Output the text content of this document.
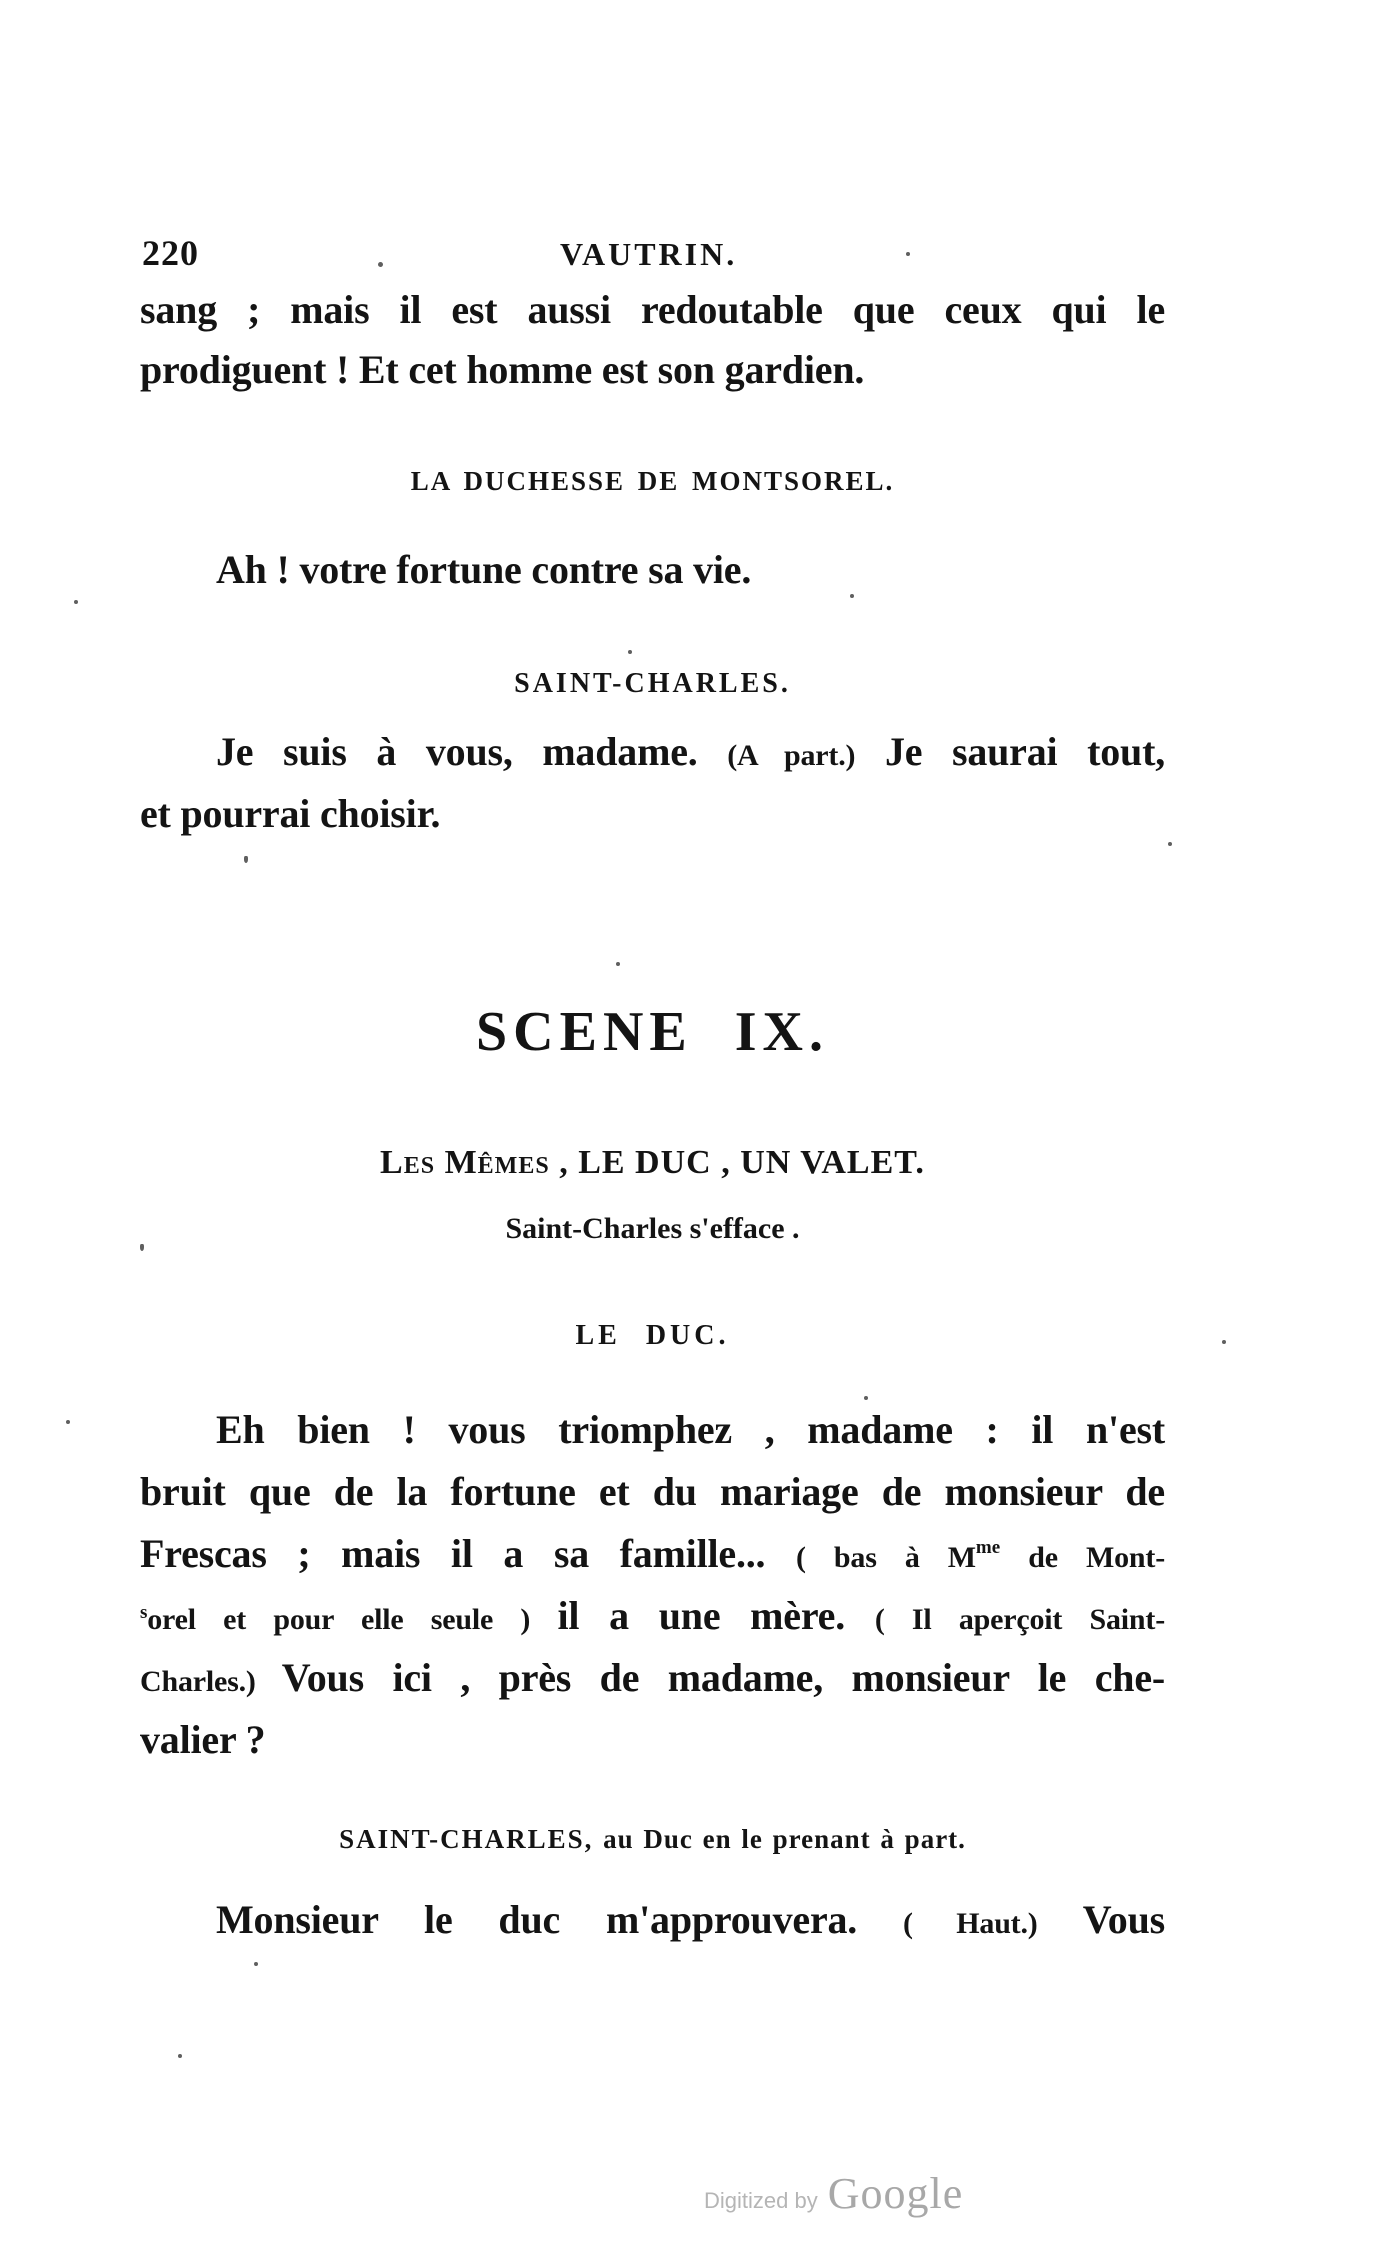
220	VAUTRIN.
sang ; mais il est aussi redoutable que ceux qui le
prodiguent ! Et cet homme est son gardien.
LA DUCHESSE DE MONTSOREL.
Ah ! votre fortune contre sa vie.
SAINT-CHARLES.
Je suis à vous, madame. (A part.) Je saurai tout,
et pourrai choisir.
SCENE IX.
Les Mêmes , LE DUC , UN VALET.
Saint-Charles s'efface .
LE DUC.
Eh bien ! vous triomphez , madame : il n'est
bruit que de la fortune et du mariage de monsieur de
Frescas ; mais il a sa famille... ( bas à $M^{me}$ de Mont-
$^s$orel et pour elle seule ) il a une mère. ( Il aperçoit Saint-
Charles.) Vous ici , près de madame, monsieur le che-
valier ?
SAINT-CHARLES, au Duc en le prenant à part.
Monsieur le duc m'approuvera. ( Haut.) Vous
Digitized by Google
